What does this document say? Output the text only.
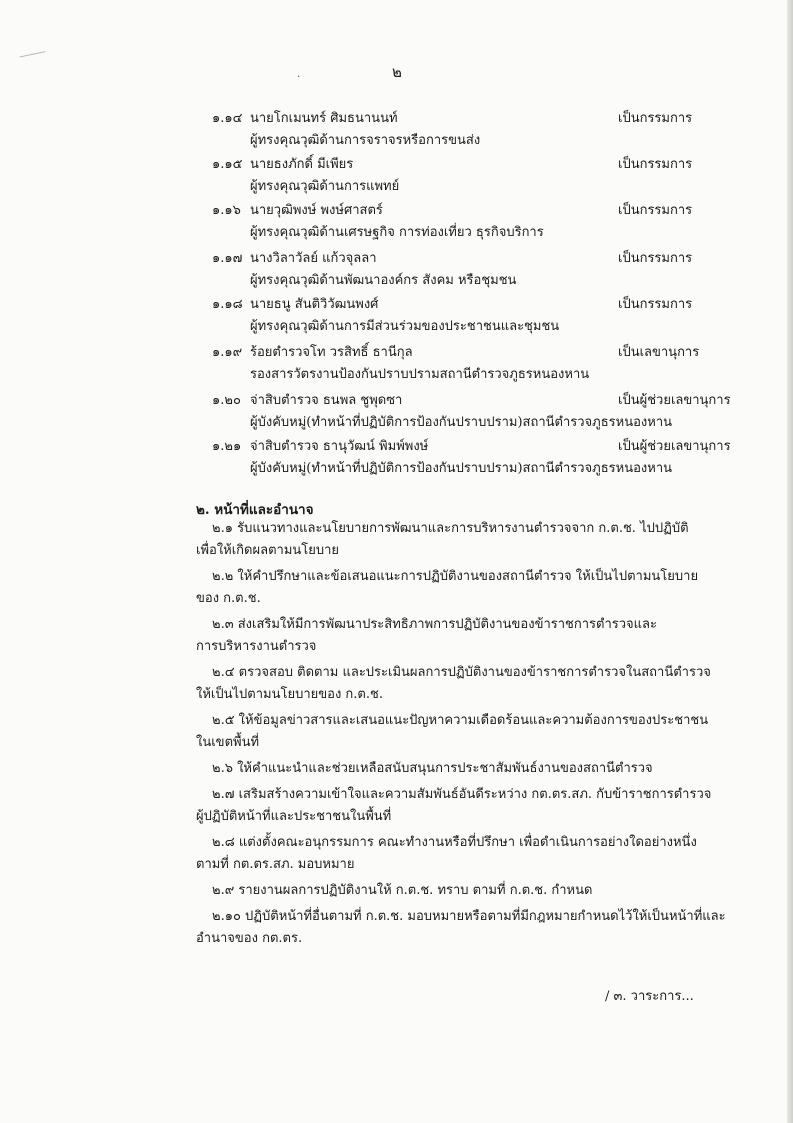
๒
·
๑.๑๔ นายโกเมนทร์ ศิมธนานนท์	เป็นกรรมการ
ผู้ทรงคุณวุฒิด้านการจราจรหรือการขนส่ง
๑.๑๕ นายธงภักดิ์ มีเพียร	เป็นกรรมการ
ผู้ทรงคุณวุฒิด้านการแพทย์
๑.๑๖ นายวุฒิพงษ์ พงษ์ศาสตร์	เป็นกรรมการ
ผู้ทรงคุณวุฒิด้านเศรษฐกิจ การท่องเที่ยว ธุรกิจบริการ
๑.๑๗ นางวิลาวัลย์ แก้วจุลลา	เป็นกรรมการ
ผู้ทรงคุณวุฒิด้านพัฒนาองค์กร สังคม หรือชุมชน
๑.๑๘ นายธนู สันติวิวัฒนพงศ์	เป็นกรรมการ
ผู้ทรงคุณวุฒิด้านการมีส่วนร่วมของประชาชนและชุมชน
๑.๑๙ ร้อยตำรวจโท วรสิทธิ์ ธานีกุล	เป็นเลขานุการ
รองสารวัตรงานป้องกันปราบปรามสถานีตำรวจภูธรหนองหาน
๑.๒๐ จ่าสิบตำรวจ ธนพล ชูพุดซา	เป็นผู้ช่วยเลขานุการ
ผู้บังคับหมู่(ทำหน้าที่ปฏิบัติการป้องกันปราบปราม)สถานีตำรวจภูธรหนองหาน
๑.๒๑ จ่าสิบตำรวจ ธานุวัฒน์ พิมพ์พงษ์	เป็นผู้ช่วยเลขานุการ
ผู้บังคับหมู่(ทำหน้าที่ปฏิบัติการป้องกันปราบปราม)สถานีตำรวจภูธรหนองหาน
๒. หน้าที่และอำนาจ
๒.๑ รับแนวทางและนโยบายการพัฒนาและการบริหารงานตำรวจจาก ก.ต.ช. ไปปฏิบัติ
เพื่อให้เกิดผลตามนโยบาย
๒.๒ ให้คำปรึกษาและข้อเสนอแนะการปฏิบัติงานของสถานีตำรวจ ให้เป็นไปตามนโยบาย
ของ ก.ต.ช.
๒.๓ ส่งเสริมให้มีการพัฒนาประสิทธิภาพการปฏิบัติงานของข้าราชการตำรวจและ
การบริหารงานตำรวจ
๒.๔ ตรวจสอบ ติดตาม และประเมินผลการปฏิบัติงานของข้าราชการตำรวจในสถานีตำรวจ
ให้เป็นไปตามนโยบายของ ก.ต.ช.
๒.๕ ให้ข้อมูลข่าวสารและเสนอแนะปัญหาความเดือดร้อนและความต้องการของประชาชน
ในเขตพื้นที่
๒.๖ ให้คำแนะนำและช่วยเหลือสนับสนุนการประชาสัมพันธ์งานของสถานีตำรวจ
๒.๗ เสริมสร้างความเข้าใจและความสัมพันธ์อันดีระหว่าง กต.ตร.สภ. กับข้าราชการตำรวจ
ผู้ปฏิบัติหน้าที่และประชาชนในพื้นที่
๒.๘ แต่งตั้งคณะอนุกรรมการ คณะทำงานหรือที่ปรึกษา เพื่อดำเนินการอย่างใดอย่างหนึ่ง
ตามที่ กต.ตร.สภ. มอบหมาย
๒.๙ รายงานผลการปฏิบัติงานให้ ก.ต.ช. ทราบ ตามที่ ก.ต.ช. กำหนด
๒.๑๐ ปฏิบัติหน้าที่อื่นตามที่ ก.ต.ช. มอบหมายหรือตามที่มีกฎหมายกำหนดไว้ให้เป็นหน้าที่และ
อำนาจของ กต.ตร.
/ ๓. วาระการ...
